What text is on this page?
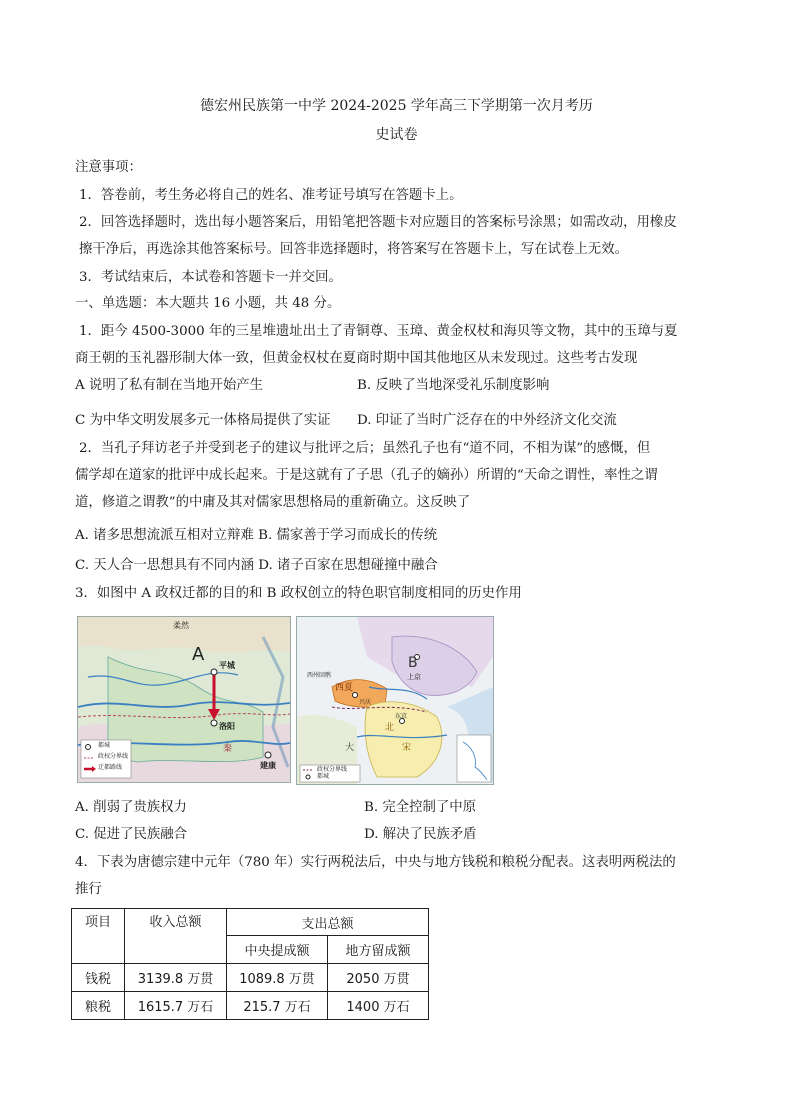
德宏州民族第一中学 2024-2025 学年高三下学期第一次月考历
史试卷
注意事项：
1．答卷前，考生务必将自己的姓名、准考证号填写在答题卡上。
2．回答选择题时，选出每小题答案后，用铅笔把答题卡对应题目的答案标号涂黑；如需改动，用橡皮
擦干净后，再选涂其他答案标号。回答非选择题时，将答案写在答题卡上，写在试卷上无效。
3．考试结束后，本试卷和答题卡一并交回。
一、单选题：本大题共 16 小题，共 48 分。
1．距今 4500-3000 年的三星堆遗址出土了青铜尊、玉璋、黄金权杖和海贝等文物，其中的玉璋与夏
商王朝的玉礼器形制大体一致，但黄金权杖在夏商时期中国其他地区从未发现过。这些考古发现
A 说明了私有制在当地开始产生	B. 反映了当地深受礼乐制度影响
C 为中华文明发展多元一体格局提供了实证 D. 印证了当时广泛存在的中外经济文化交流
2．当孔子拜访老子并受到老子的建议与批评之后；虽然孔子也有“道不同，不相为谋”的感慨，但
儒学却在道家的批评中成长起来。于是这就有了子思（孔子的嫡孙）所谓的“天命之谓性，率性之谓
道，修道之谓教”的中庸及其对儒家思想格局的重新确立。这反映了
A. 诸多思想流派互相对立辩难 B. 儒家善于学习而成长的传统
C. 天人合一思想具有不同内涵 D. 诸子百家在思想碰撞中融合
3．如图中 A 政权迁都的目的和 B 政权创立的特色职官制度相同的历史作用
柔然
A 平城
洛阳
秦
建康
都城
政权分界线
迁都路线
B
上京
西州回鹘
西夏
兴庆
东京
北
大	宋
政权分界线
都城
A. 削弱了贵族权力	B. 完全控制了中原
C. 促进了民族融合	D. 解决了民族矛盾
4．下表为唐德宗建中元年（780 年）实行两税法后，中央与地方钱税和粮税分配表。这表明两税法的
推行
项目	收入总额	支出总额	
		中央提成额	地方留成额
钱税	3139.8 万贯	1089.8 万贯	2050 万贯
粮税	1615.7 万石	215.7 万石	1400 万石
